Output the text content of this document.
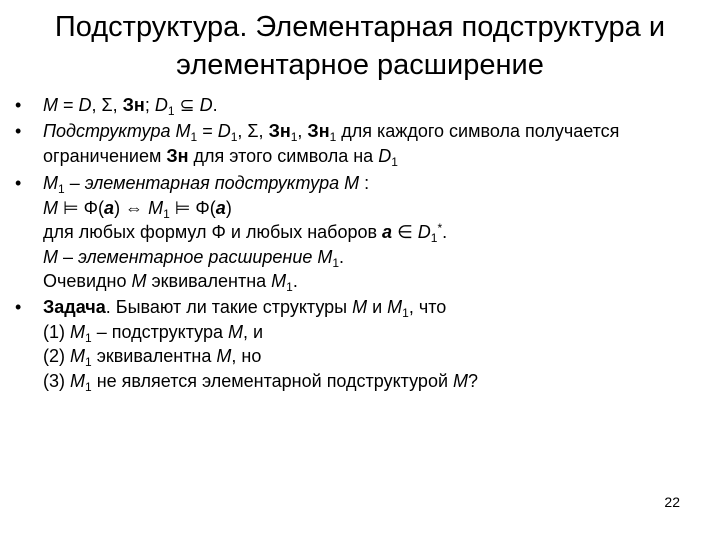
Подструктура. Элементарная подструктура и
элементарное расширение
• M = D, Σ, Зн; $D_1$ ⊆ D.
• Подструктура $M_1 = D_1$, Σ, $Зн_1$, $Зн_1$ для каждого символа получается
ограничением Зн для этого символа на $D_1$
• $M_1$ – элементарная подструктура M :
M ⊨ Φ(a) ⇔ $M_1$ ⊨ Φ(a)
для любых формул Φ и любых наборов a ∈ $D_1^*$.
M – элементарное расширение $M_1$.
Очевидно M эквивалентна $M_1$.
• Задача. Бывают ли такие структуры M и $M_1$, что
(1) $M_1$ – подструктура M, и
(2) $M_1$ эквивалентна M, но
(3) $M_1$ не является элементарной подструктурой M?
22
